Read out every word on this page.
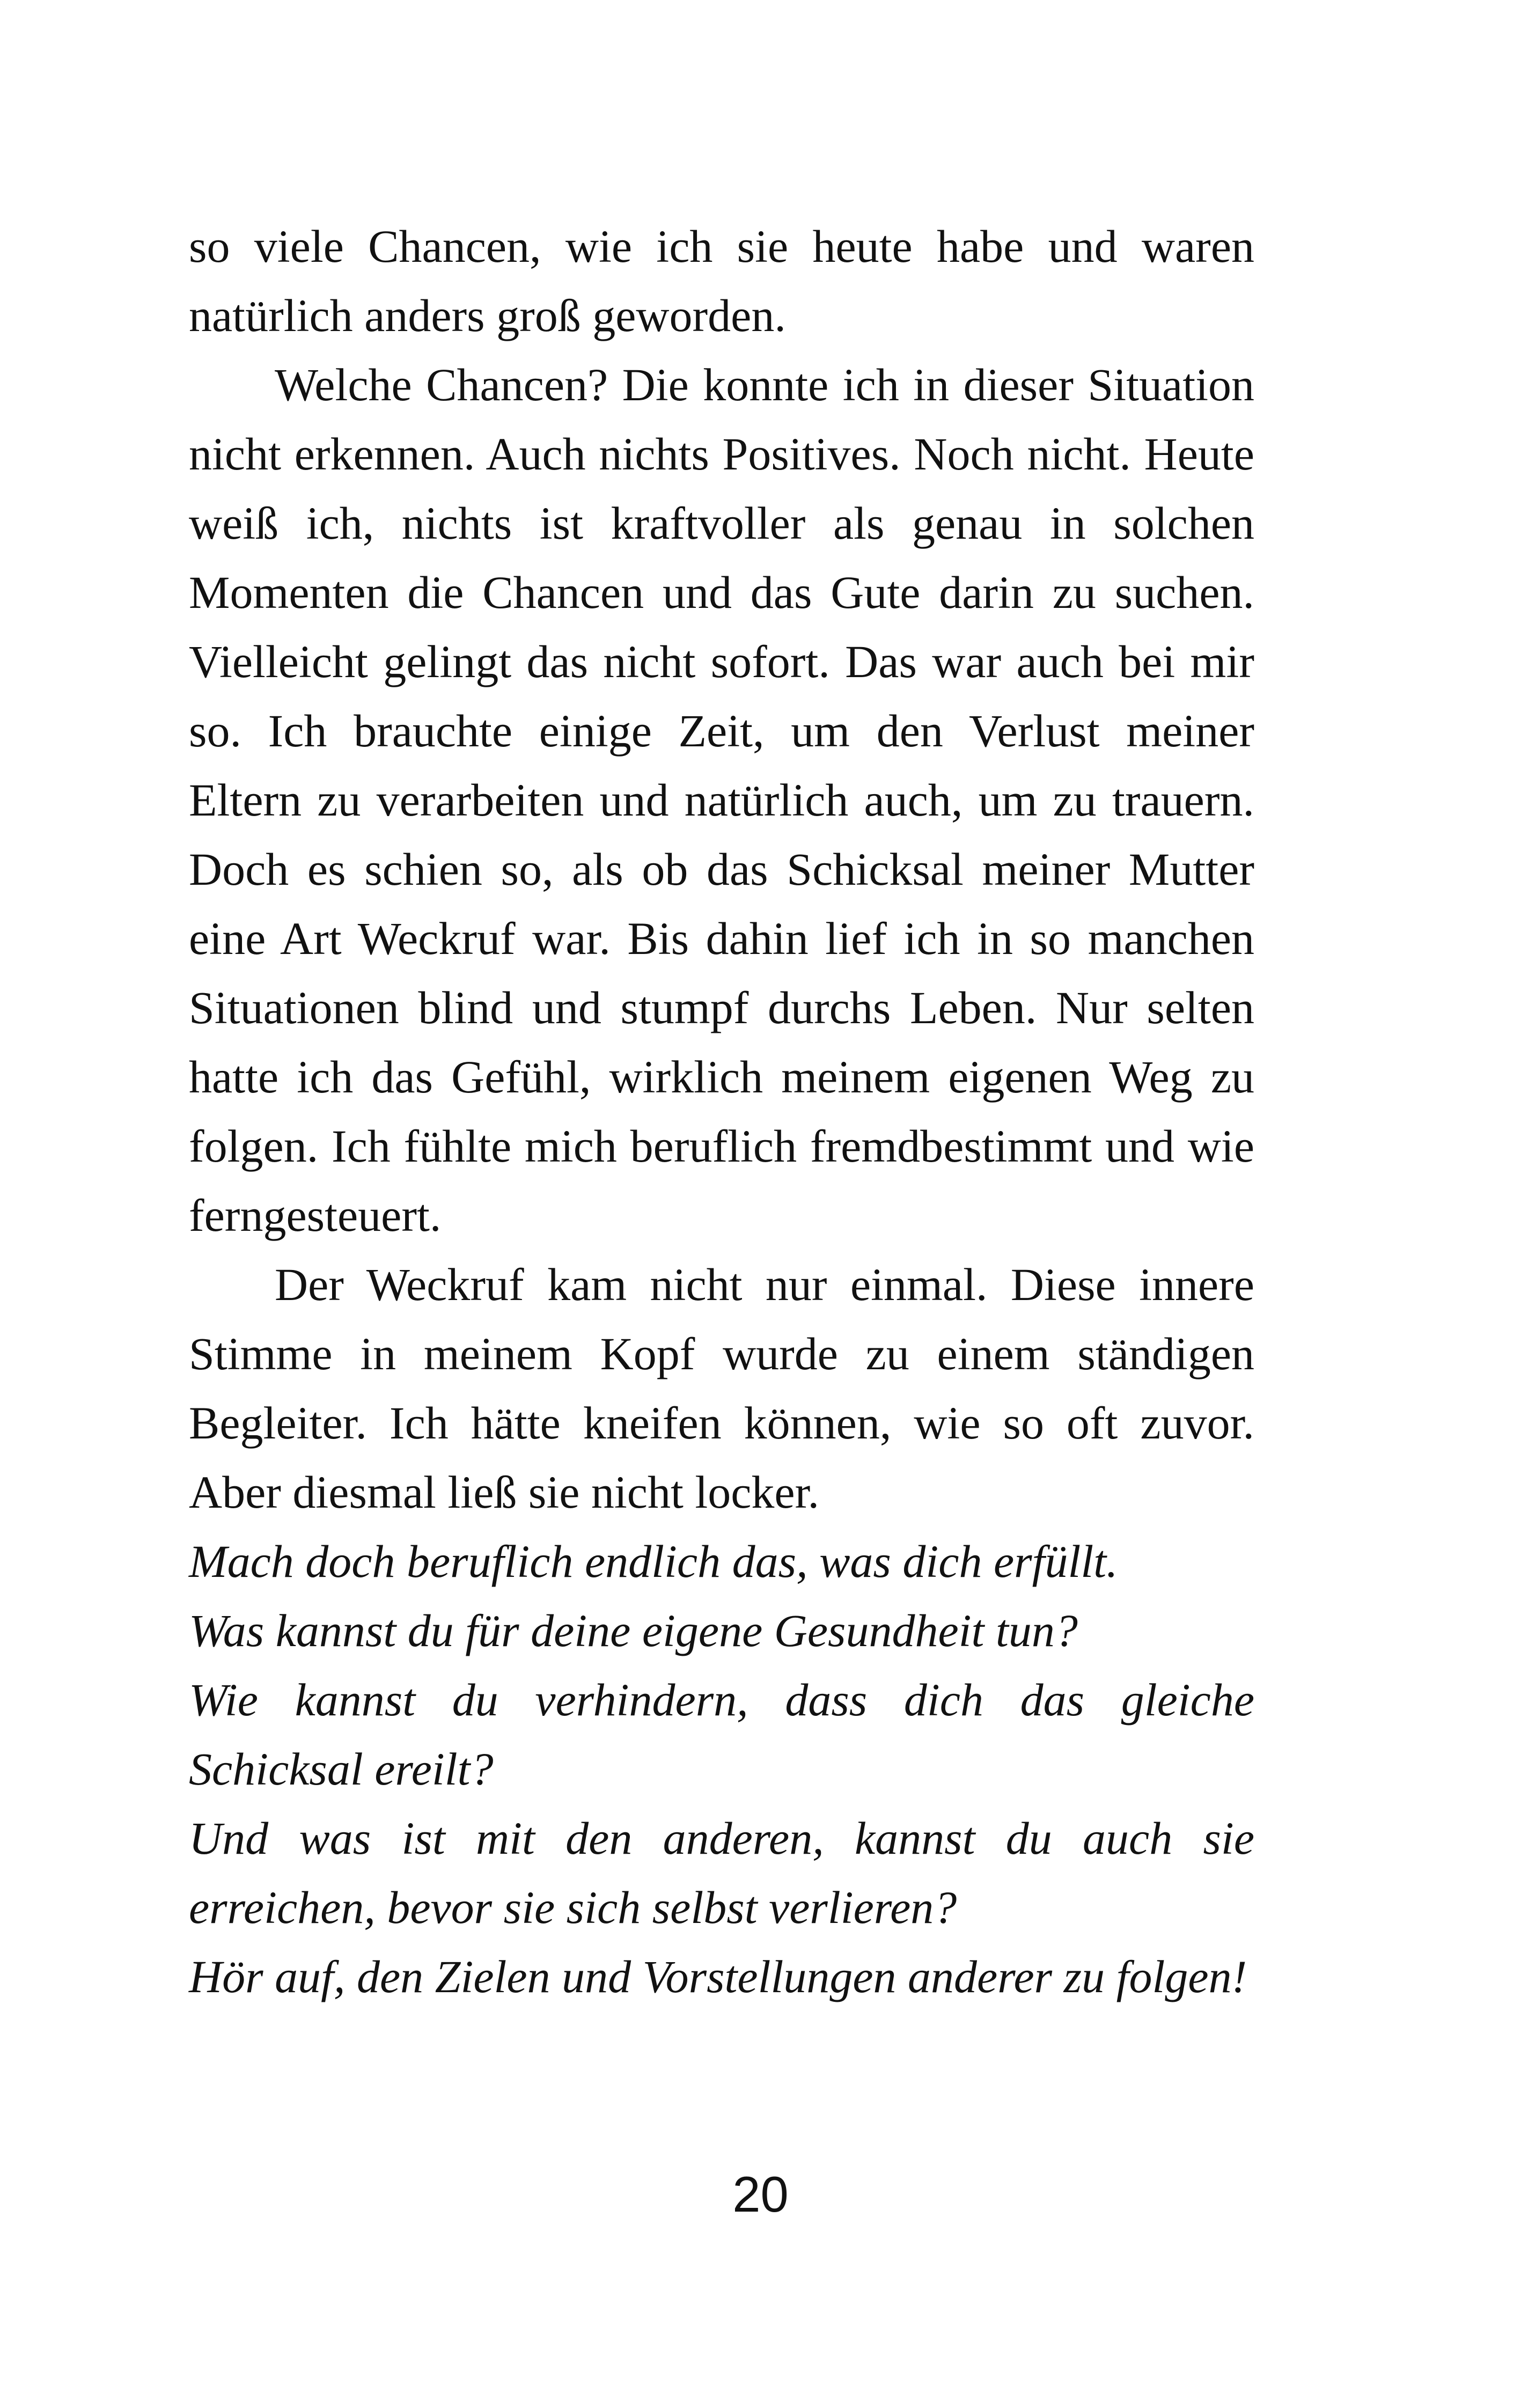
so viele Chancen, wie ich sie heute habe und waren natürlich anders groß geworden.

Welche Chancen? Die konnte ich in dieser Situation nicht erkennen. Auch nichts Positives. Noch nicht. Heute weiß ich, nichts ist kraftvoller als genau in solchen Momenten die Chancen und das Gute darin zu suchen. Vielleicht gelingt das nicht sofort. Das war auch bei mir so. Ich brauchte einige Zeit, um den Verlust meiner Eltern zu verarbeiten und natürlich auch, um zu trauern. Doch es schien so, als ob das Schicksal meiner Mutter eine Art Weckruf war. Bis dahin lief ich in so manchen Situationen blind und stumpf durchs Leben. Nur selten hatte ich das Gefühl, wirklich meinem eigenen Weg zu folgen. Ich fühlte mich beruflich fremdbestimmt und wie ferngesteuert.

Der Weckruf kam nicht nur einmal. Diese innere Stimme in meinem Kopf wurde zu einem ständigen Begleiter. Ich hätte kneifen können, wie so oft zuvor. Aber diesmal ließ sie nicht locker.

Mach doch beruflich endlich das, was dich erfüllt.

Was kannst du für deine eigene Gesundheit tun?

Wie kannst du verhindern, dass dich das gleiche Schicksal ereilt?

Und was ist mit den anderen, kannst du auch sie erreichen, bevor sie sich selbst verlieren?

Hör auf, den Zielen und Vorstellungen anderer zu folgen!

20
